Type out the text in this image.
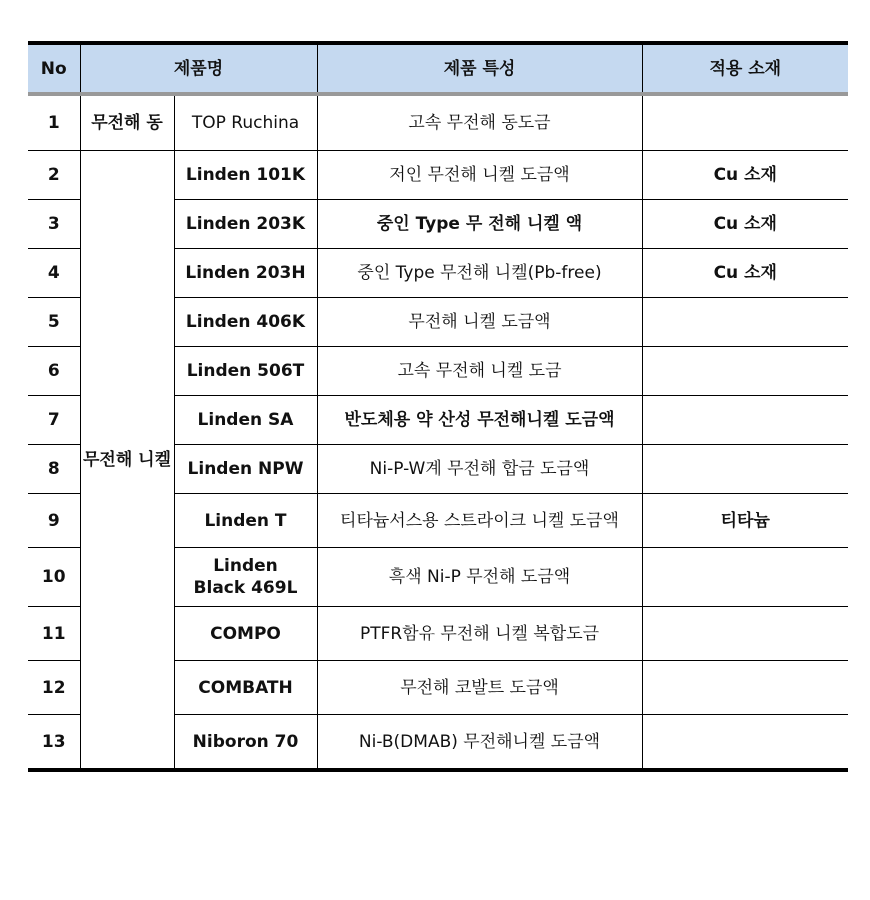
No	제품명		제품 특성	적용 소재
1	무전해 동	TOP Ruchina	고속 무전해 동도금	
2	무전해 니켈	Linden 101K	저인 무전해 니켈 도금액	Cu 소재
3		Linden 203K	중인 Type 무 전해 니켈 액	Cu 소재
4		Linden 203H	중인 Type 무전해 니켈(Pb-free)	Cu 소재
5		Linden 406K	무전해 니켈 도금액	
6		Linden 506T	고속 무전해 니켈 도금	
7		Linden SA	반도체용 약 산성 무전해니켈 도금액	
8		Linden NPW	Ni-P-W계 무전해 합금 도금액	
9		Linden T	티타늄서스용 스트라이크 니켈 도금액	티타늄
10		Linden Black 469L	흑색 Ni-P 무전해 도금액	
11		COMPO	PTFR함유 무전해 니켈 복합도금	
12		COMBATH	무전해 코발트 도금액	
13		Niboron 70	Ni-B(DMAB) 무전해니켈 도금액	
